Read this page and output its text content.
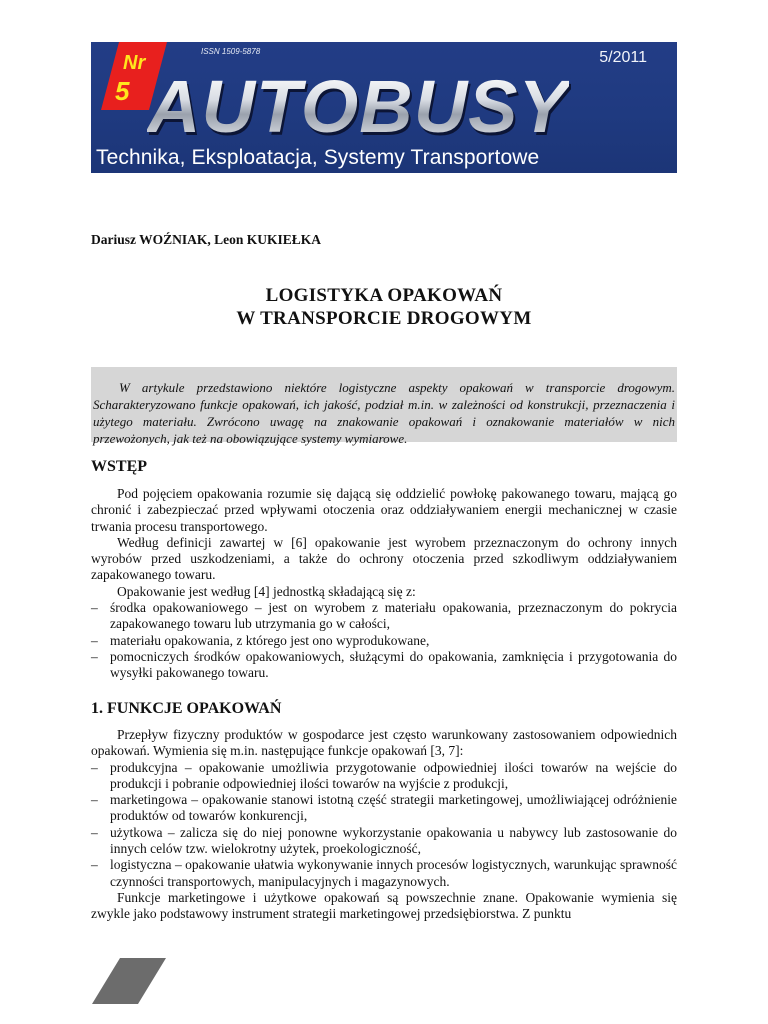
Nr
5
ISSN 1509-5878	5/2011
AUTOBUSY
Technika, Eksploatacja, Systemy Transportowe
Dariusz WOŹNIAK, Leon KUKIEŁKA
LOGISTYKA OPAKOWAŃ
W TRANSPORCIE DROGOWYM

W artykule przedstawiono niektóre logistyczne aspekty opakowań w transporcie drogowym. Scharakteryzowano funkcje opakowań, ich jakość, podział m.in. w zależności od konstrukcji, przeznaczenia i użytego materiału. Zwrócono uwagę na znakowanie opakowań i oznakowanie materiałów w nich przewożonych, jak też na obowiązujące systemy wymiarowe.

WSTĘP

Pod pojęciem opakowania rozumie się dającą się oddzielić powłokę pakowanego towaru, mającą go chronić i zabezpieczać przed wpływami otoczenia oraz oddziaływaniem energii mechanicznej w czasie trwania procesu transportowego.

Według definicji zawartej w [6] opakowanie jest wyrobem przeznaczonym do ochrony innych wyrobów przed uszkodzeniami, a także do ochrony otoczenia przed szkodliwym oddziaływaniem zapakowanego towaru.

Opakowanie jest według [4] jednostką składającą się z:

– środka opakowaniowego – jest on wyrobem z materiału opakowania, przeznaczonym do pokrycia zapakowanego towaru lub utrzymania go w całości,
– materiału opakowania, z którego jest ono wyprodukowane,
– pomocniczych środków opakowaniowych, służącymi do opakowania, zamknięcia i przygotowania do wysyłki pakowanego towaru.
1. FUNKCJE OPAKOWAŃ

Przepływ fizyczny produktów w gospodarce jest często warunkowany zastosowaniem odpowiednich opakowań. Wymienia się m.in. następujące funkcje opakowań [3, 7]:

– produkcyjna – opakowanie umożliwia przygotowanie odpowiedniej ilości towarów na wejście do produkcji i pobranie odpowiedniej ilości towarów na wyjście z produkcji,
– marketingowa – opakowanie stanowi istotną część strategii marketingowej, umożliwiającej odróżnienie produktów od towarów konkurencji,
– użytkowa – zalicza się do niej ponowne wykorzystanie opakowania u nabywcy lub zastosowanie do innych celów tzw. wielokrotny użytek, proekologiczność,
– logistyczna – opakowanie ułatwia wykonywanie innych procesów logistycznych, warunkując sprawność czynności transportowych, manipulacyjnych i magazynowych.

Funkcje marketingowe i użytkowe opakowań są powszechnie znane. Opakowanie wymienia się zwykle jako podstawowy instrument strategii marketingowej przedsiębiorstwa. Z punktu
